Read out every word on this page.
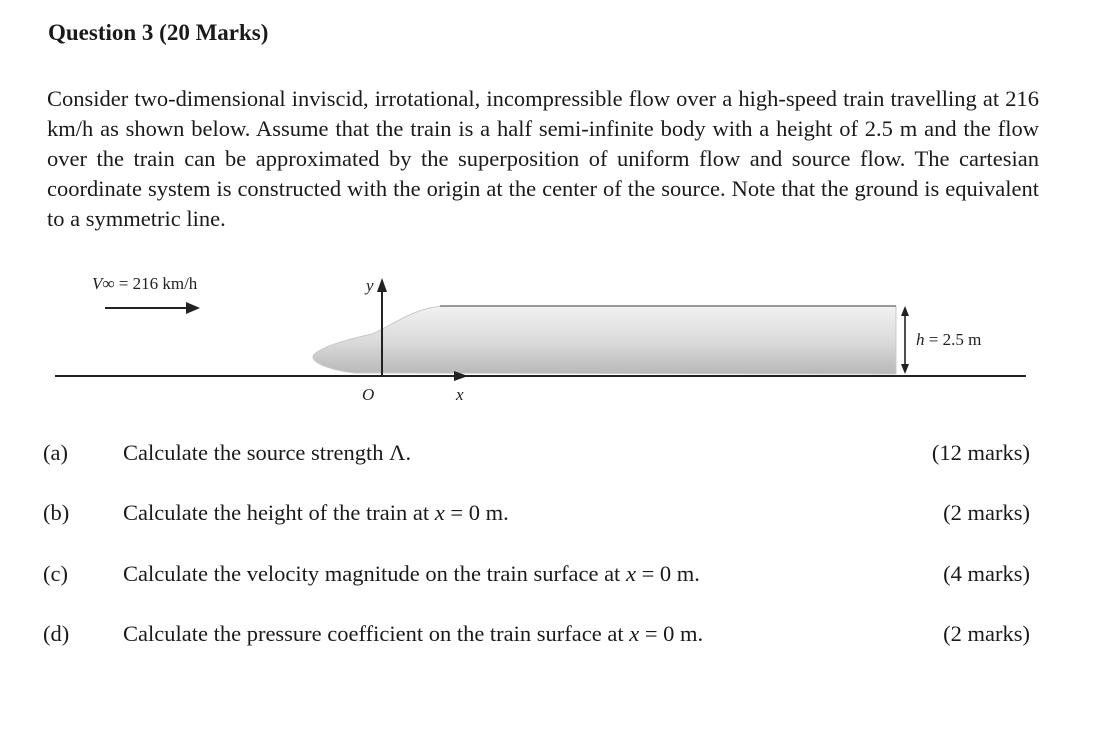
Question 3 (20 Marks)

Consider two-dimensional inviscid, irrotational, incompressible flow over a high-speed train travelling at 216 km/h as shown below. Assume that the train is a half semi-infinite body with a height of 2.5 m and the flow over the train can be approximated by the superposition of uniform flow and source flow. The cartesian coordinate system is constructed with the origin at the center of the source. Note that the ground is equivalent to a symmetric line.

V∞ = 216 km/h	y
x
O
h = 2.5 m
(a) Calculate the source strength Λ.	(12 marks)
(b) Calculate the height of the train at x = 0 m.	(2 marks)
(c) Calculate the velocity magnitude on the train surface at x = 0 m.	(4 marks)
(d) Calculate the pressure coefficient on the train surface at x = 0 m.	(2 marks)
